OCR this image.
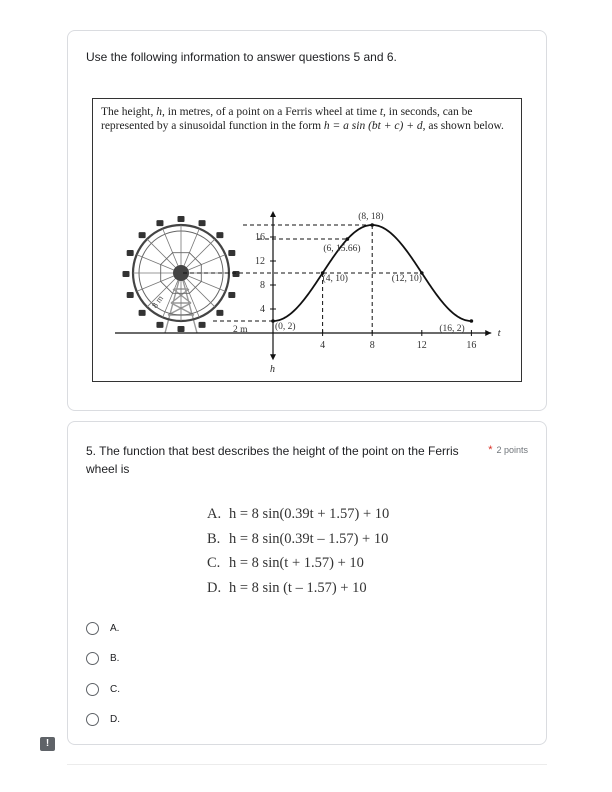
Use the following information to answer questions 5 and 6.
The height, h, in metres, of a point on a Ferris wheel at time t, in seconds, can be represented by a sinusoidal function in the form h = a sin (bt + c) + d, as shown below.
8 m
2 m
4	8	12	16
4
8
12
16
t
h
(8, 18)
(6, 15.66)
(4, 10)	(12, 10)
(0, 2)	(16, 2)
5. The function that best describes the height of the point on the Ferris wheel is
* 2 points
A. h = 8 sin(0.39t + 1.57) + 10
B. h = 8 sin(0.39t – 1.57) + 10
C. h = 8 sin(t + 1.57) + 10
D. h = 8 sin (t – 1.57) + 10
A.
B.
C.
D.
!
